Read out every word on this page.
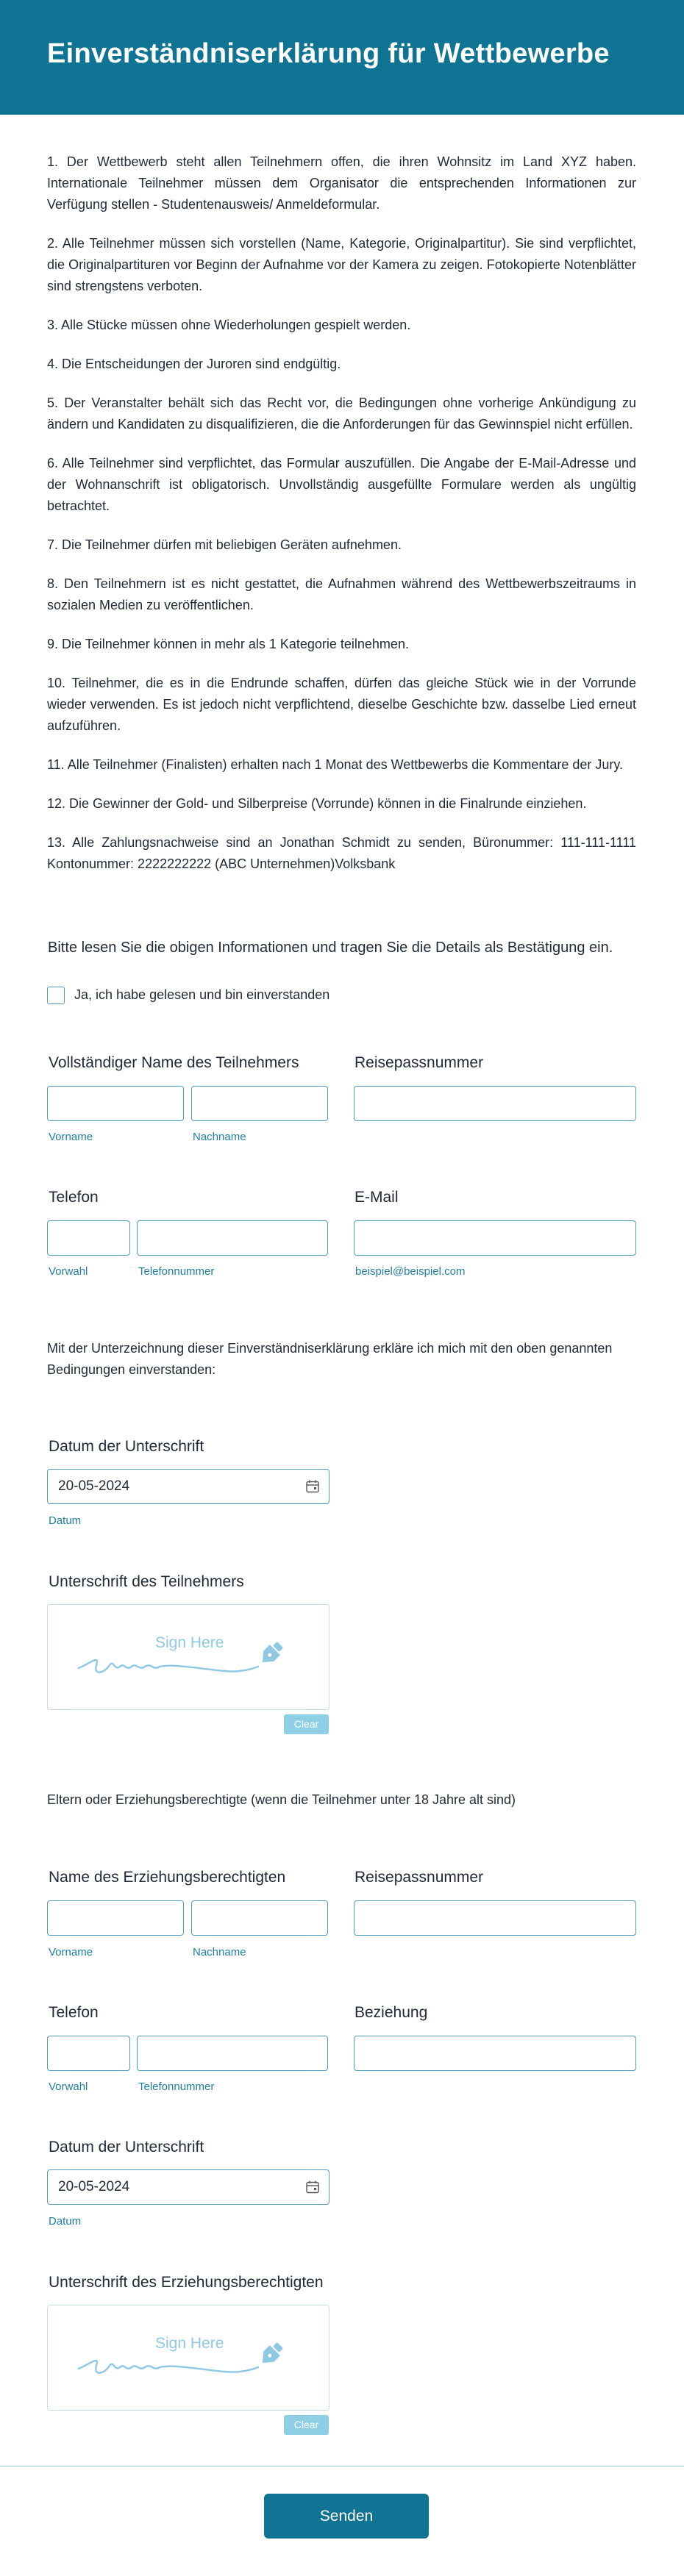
Einverständniserklärung für Wettbewerbe

1. Der Wettbewerb steht allen Teilnehmern offen, die ihren Wohnsitz im Land XYZ haben. Internationale Teilnehmer müssen dem Organisator die entsprechenden Informationen zur Verfügung stellen - Studentenausweis/ Anmeldeformular.

2. Alle Teilnehmer müssen sich vorstellen (Name, Kategorie, Originalpartitur). Sie sind verpflichtet, die Originalpartituren vor Beginn der Aufnahme vor der Kamera zu zeigen. Fotokopierte Notenblätter sind strengstens verboten.

3. Alle Stücke müssen ohne Wiederholungen gespielt werden.

4. Die Entscheidungen der Juroren sind endgültig.

5. Der Veranstalter behält sich das Recht vor, die Bedingungen ohne vorherige Ankündigung zu ändern und Kandidaten zu disqualifizieren, die die Anforderungen für das Gewinnspiel nicht erfüllen.

6. Alle Teilnehmer sind verpflichtet, das Formular auszufüllen. Die Angabe der E-Mail-Adresse und der Wohnanschrift ist obligatorisch. Unvollständig ausgefüllte Formulare werden als ungültig betrachtet.

7. Die Teilnehmer dürfen mit beliebigen Geräten aufnehmen.

8. Den Teilnehmern ist es nicht gestattet, die Aufnahmen während des Wettbewerbszeitraums in sozialen Medien zu veröffentlichen.

9. Die Teilnehmer können in mehr als 1 Kategorie teilnehmen.

10. Teilnehmer, die es in die Endrunde schaffen, dürfen das gleiche Stück wie in der Vorrunde wieder verwenden. Es ist jedoch nicht verpflichtend, dieselbe Geschichte bzw. dasselbe Lied erneut aufzuführen.

11. Alle Teilnehmer (Finalisten) erhalten nach 1 Monat des Wettbewerbs die Kommentare der Jury.

12. Die Gewinner der Gold- und Silberpreise (Vorrunde) können in die Finalrunde einziehen.

13. Alle Zahlungsnachweise sind an Jonathan Schmidt zu senden, Büronummer: 111-111-1111 Kontonummer: 2222222222 (ABC Unternehmen)Volksbank

Bitte lesen Sie die obigen Informationen und tragen Sie die Details als Bestätigung ein.
Ja, ich habe gelesen und bin einverstanden
Vollständiger Name des Teilnehmers
Vorname	Nachname
Reisepassnummer
Telefon
Vorwahl	Telefonnummer
E-Mail
beispiel@beispiel.com
Mit der Unterzeichnung dieser Einverständniserklärung erkläre ich mich mit den oben genannten Bedingungen einverstanden:
Datum der Unterschrift
20-05-2024
Datum
Unterschrift des Teilnehmers
Sign Here
Clear
Eltern oder Erziehungsberechtigte (wenn die Teilnehmer unter 18 Jahre alt sind)
Name des Erziehungsberechtigten
Vorname	Nachname
Reisepassnummer
Telefon
Vorwahl	Telefonnummer
Beziehung
Datum der Unterschrift
20-05-2024
Datum
Unterschrift des Erziehungsberechtigten
Sign Here
Clear
Senden
